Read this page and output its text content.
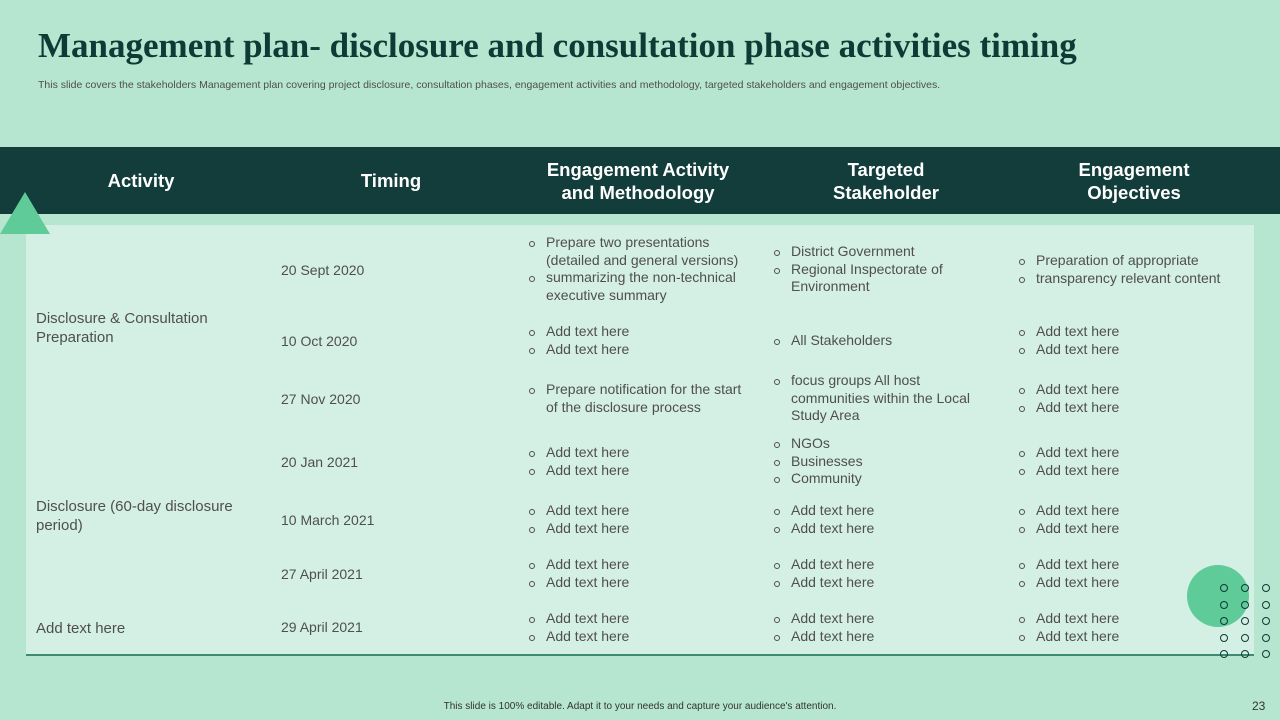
Management plan- disclosure and consultation phase activities timing
This slide covers the stakeholders Management plan covering project disclosure, consultation phases, engagement activities and methodology, targeted stakeholders and engagement objectives.
Activity	Timing
Engagement Activity
and Methodology
Targeted
Stakeholder
Engagement
Objectives
Disclosure & Consultation Preparation
Disclosure (60-day disclosure period)
Add text here
20 Sept 2020
Prepare two presentations (detailed and general versions)
summarizing the non-technical executive summary
District Government
Regional Inspectorate of Environment
Preparation of appropriate
transparency relevant content
10 Oct 2020
Add text here
Add text here
All Stakeholders
Add text here
Add text here
27 Nov 2020
Prepare notification for the start of the disclosure process
focus groups All host communities within the Local Study Area
Add text here
Add text here
20 Jan 2021
Add text here
Add text here
NGOs
Businesses
Community
Add text here
Add text here
10 March 2021
Add text here
Add text here
Add text here
Add text here
Add text here
Add text here
27 April 2021
Add text here
Add text here
Add text here
Add text here
Add text here
Add text here
29 April 2021
Add text here
Add text here
Add text here
Add text here
Add text here
Add text here
This slide is 100% editable. Adapt it to your needs and capture your audience's attention.	23
